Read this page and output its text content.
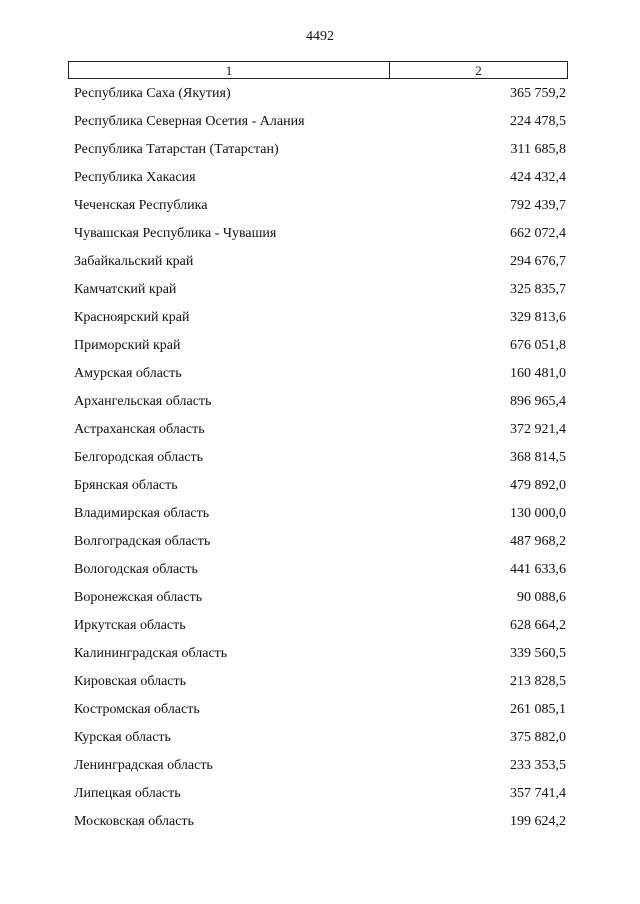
4492
1	2
Республика Саха (Якутия)	365 759,2
Республика Северная Осетия - Алания	224 478,5
Республика Татарстан (Татарстан)	311 685,8
Республика Хакасия	424 432,4
Чеченская Республика	792 439,7
Чувашская Республика - Чувашия	662 072,4
Забайкальский край	294 676,7
Камчатский край	325 835,7
Красноярский край	329 813,6
Приморский край	676 051,8
Амурская область	160 481,0
Архангельская область	896 965,4
Астраханская область	372 921,4
Белгородская область	368 814,5
Брянская область	479 892,0
Владимирская область	130 000,0
Волгоградская область	487 968,2
Вологодская область	441 633,6
Воронежская область	90 088,6
Иркутская область	628 664,2
Калининградская область	339 560,5
Кировская область	213 828,5
Костромская область	261 085,1
Курская область	375 882,0
Ленинградская область	233 353,5
Липецкая область	357 741,4
Московская область	199 624,2
